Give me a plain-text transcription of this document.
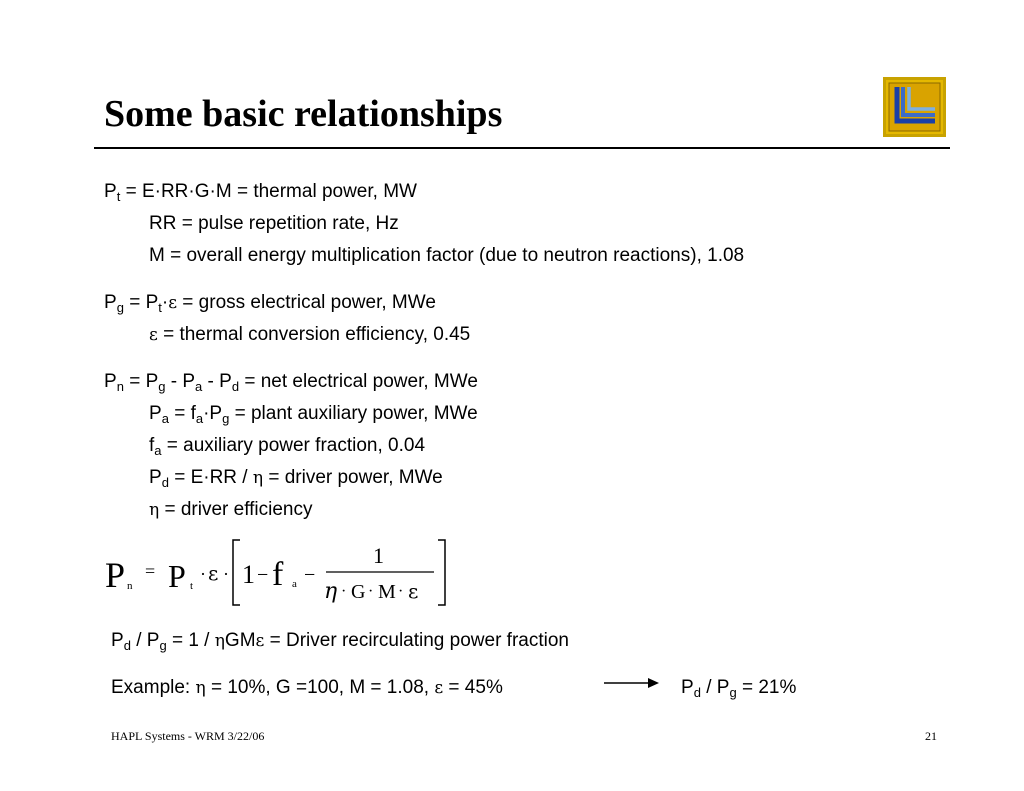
Some basic relationships
$P_t = E\cdot RR\cdot G\cdot M$ = thermal power, MW
RR = pulse repetition rate, Hz
M = overall energy multiplication factor (due to neutron reactions), 1.08
$P_g = P_t\cdot\varepsilon$ = gross electrical power, MWe
ε = thermal conversion efficiency, 0.45
$P_n = P_g - P_a - P_d$ = net electrical power, MWe
$P_a = f_a\cdot P_g$ = plant auxiliary power, MWe
$f_a$ = auxiliary power fraction, 0.04
$P_d = E\cdot RR / \eta$ = driver power, MWe
η = driver efficiency
P n
= P t
· ε · 1 − f a −
1
η · G · M · ε
$P_d / P_g = 1 / \eta GM\varepsilon$ = Driver recirculating power fraction
Example: η = 10%, G =100, M = 1.08, ε = 45%	$P_d / P_g = 21\%$
HAPL Systems - WRM 3/22/06	21
